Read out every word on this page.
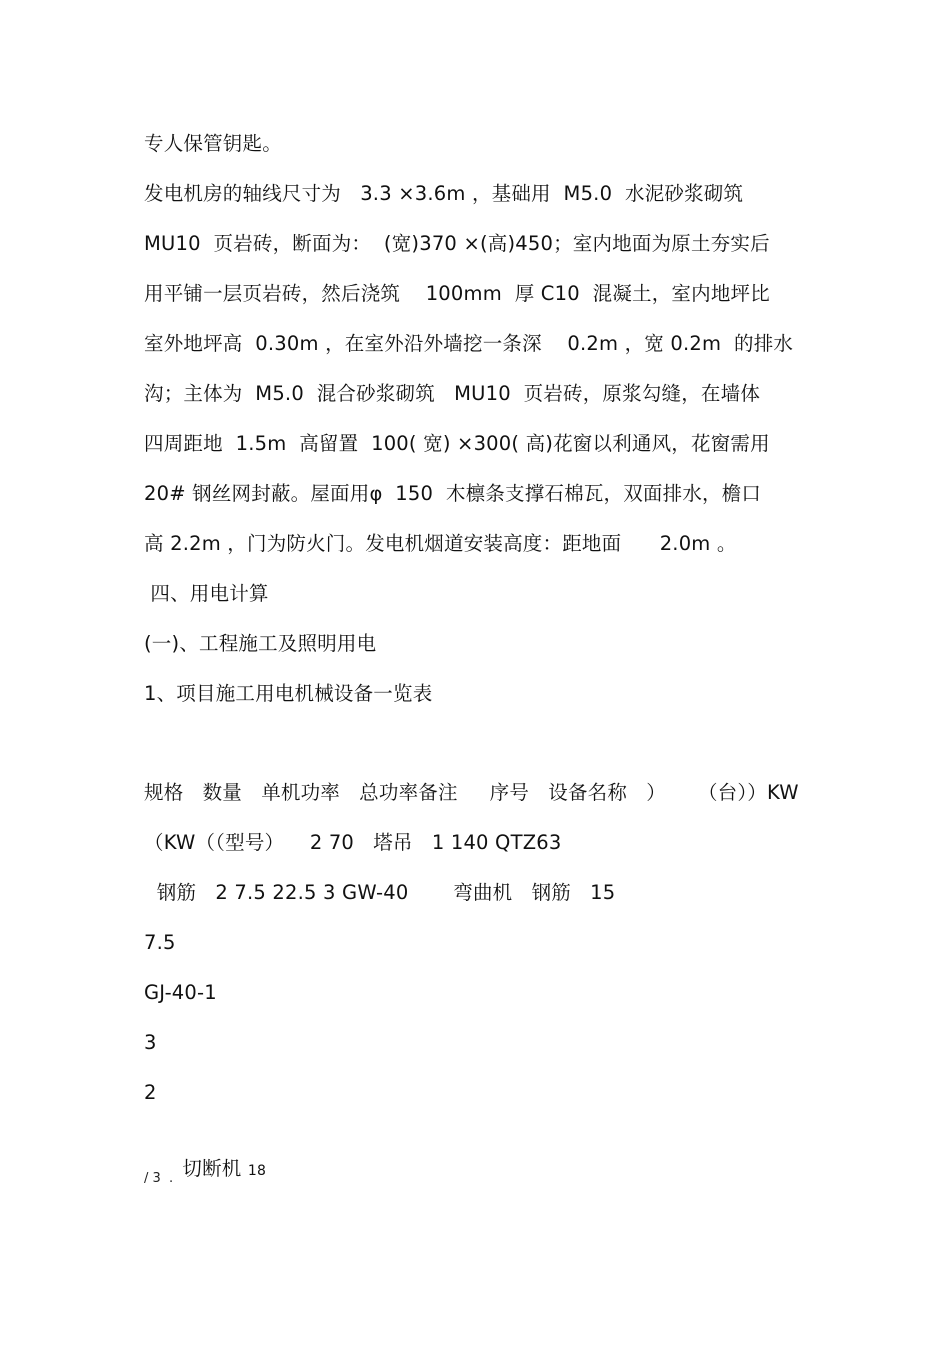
专人保管钥匙。
发电机房的轴线尺寸为   3.3 ×3.6m ，基础用  M5.0  水泥砂浆砌筑
MU10  页岩砖，断面为：  (宽)370 ×(高)450；室内地面为原土夯实后
用平铺一层页岩砖，然后浇筑    100mm  厚 C10  混凝土，室内地坪比
室外地坪高  0.30m ，在室外沿外墙挖一条深    0.2m ，宽 0.2m  的排水
沟；主体为  M5.0  混合砂浆砌筑   MU10  页岩砖，原浆勾缝，在墙体
四周距地  1.5m  高留置  100( 宽) ×300( 高)花窗以利通风，花窗需用
20# 钢丝网封蔽。屋面用φ  150  木檩条支撑石棉瓦，双面排水，檐口
高 2.2m ，门为防火门。发电机烟道安装高度：距地面      2.0m 。
四、用电计算
(一)、工程施工及照明用电
1、项目施工用电机械设备一览表
规格   数量   单机功率   总功率备注     序号   设备名称   ）     （台））KW
（KW（（型号）    2 70   塔吊   1 140 QTZ63
钢筋   2 7.5 22.5 3 GW-40       弯曲机   钢筋   15
7.5
GJ-40-1
3
2

切断机 18

/ 3  .
